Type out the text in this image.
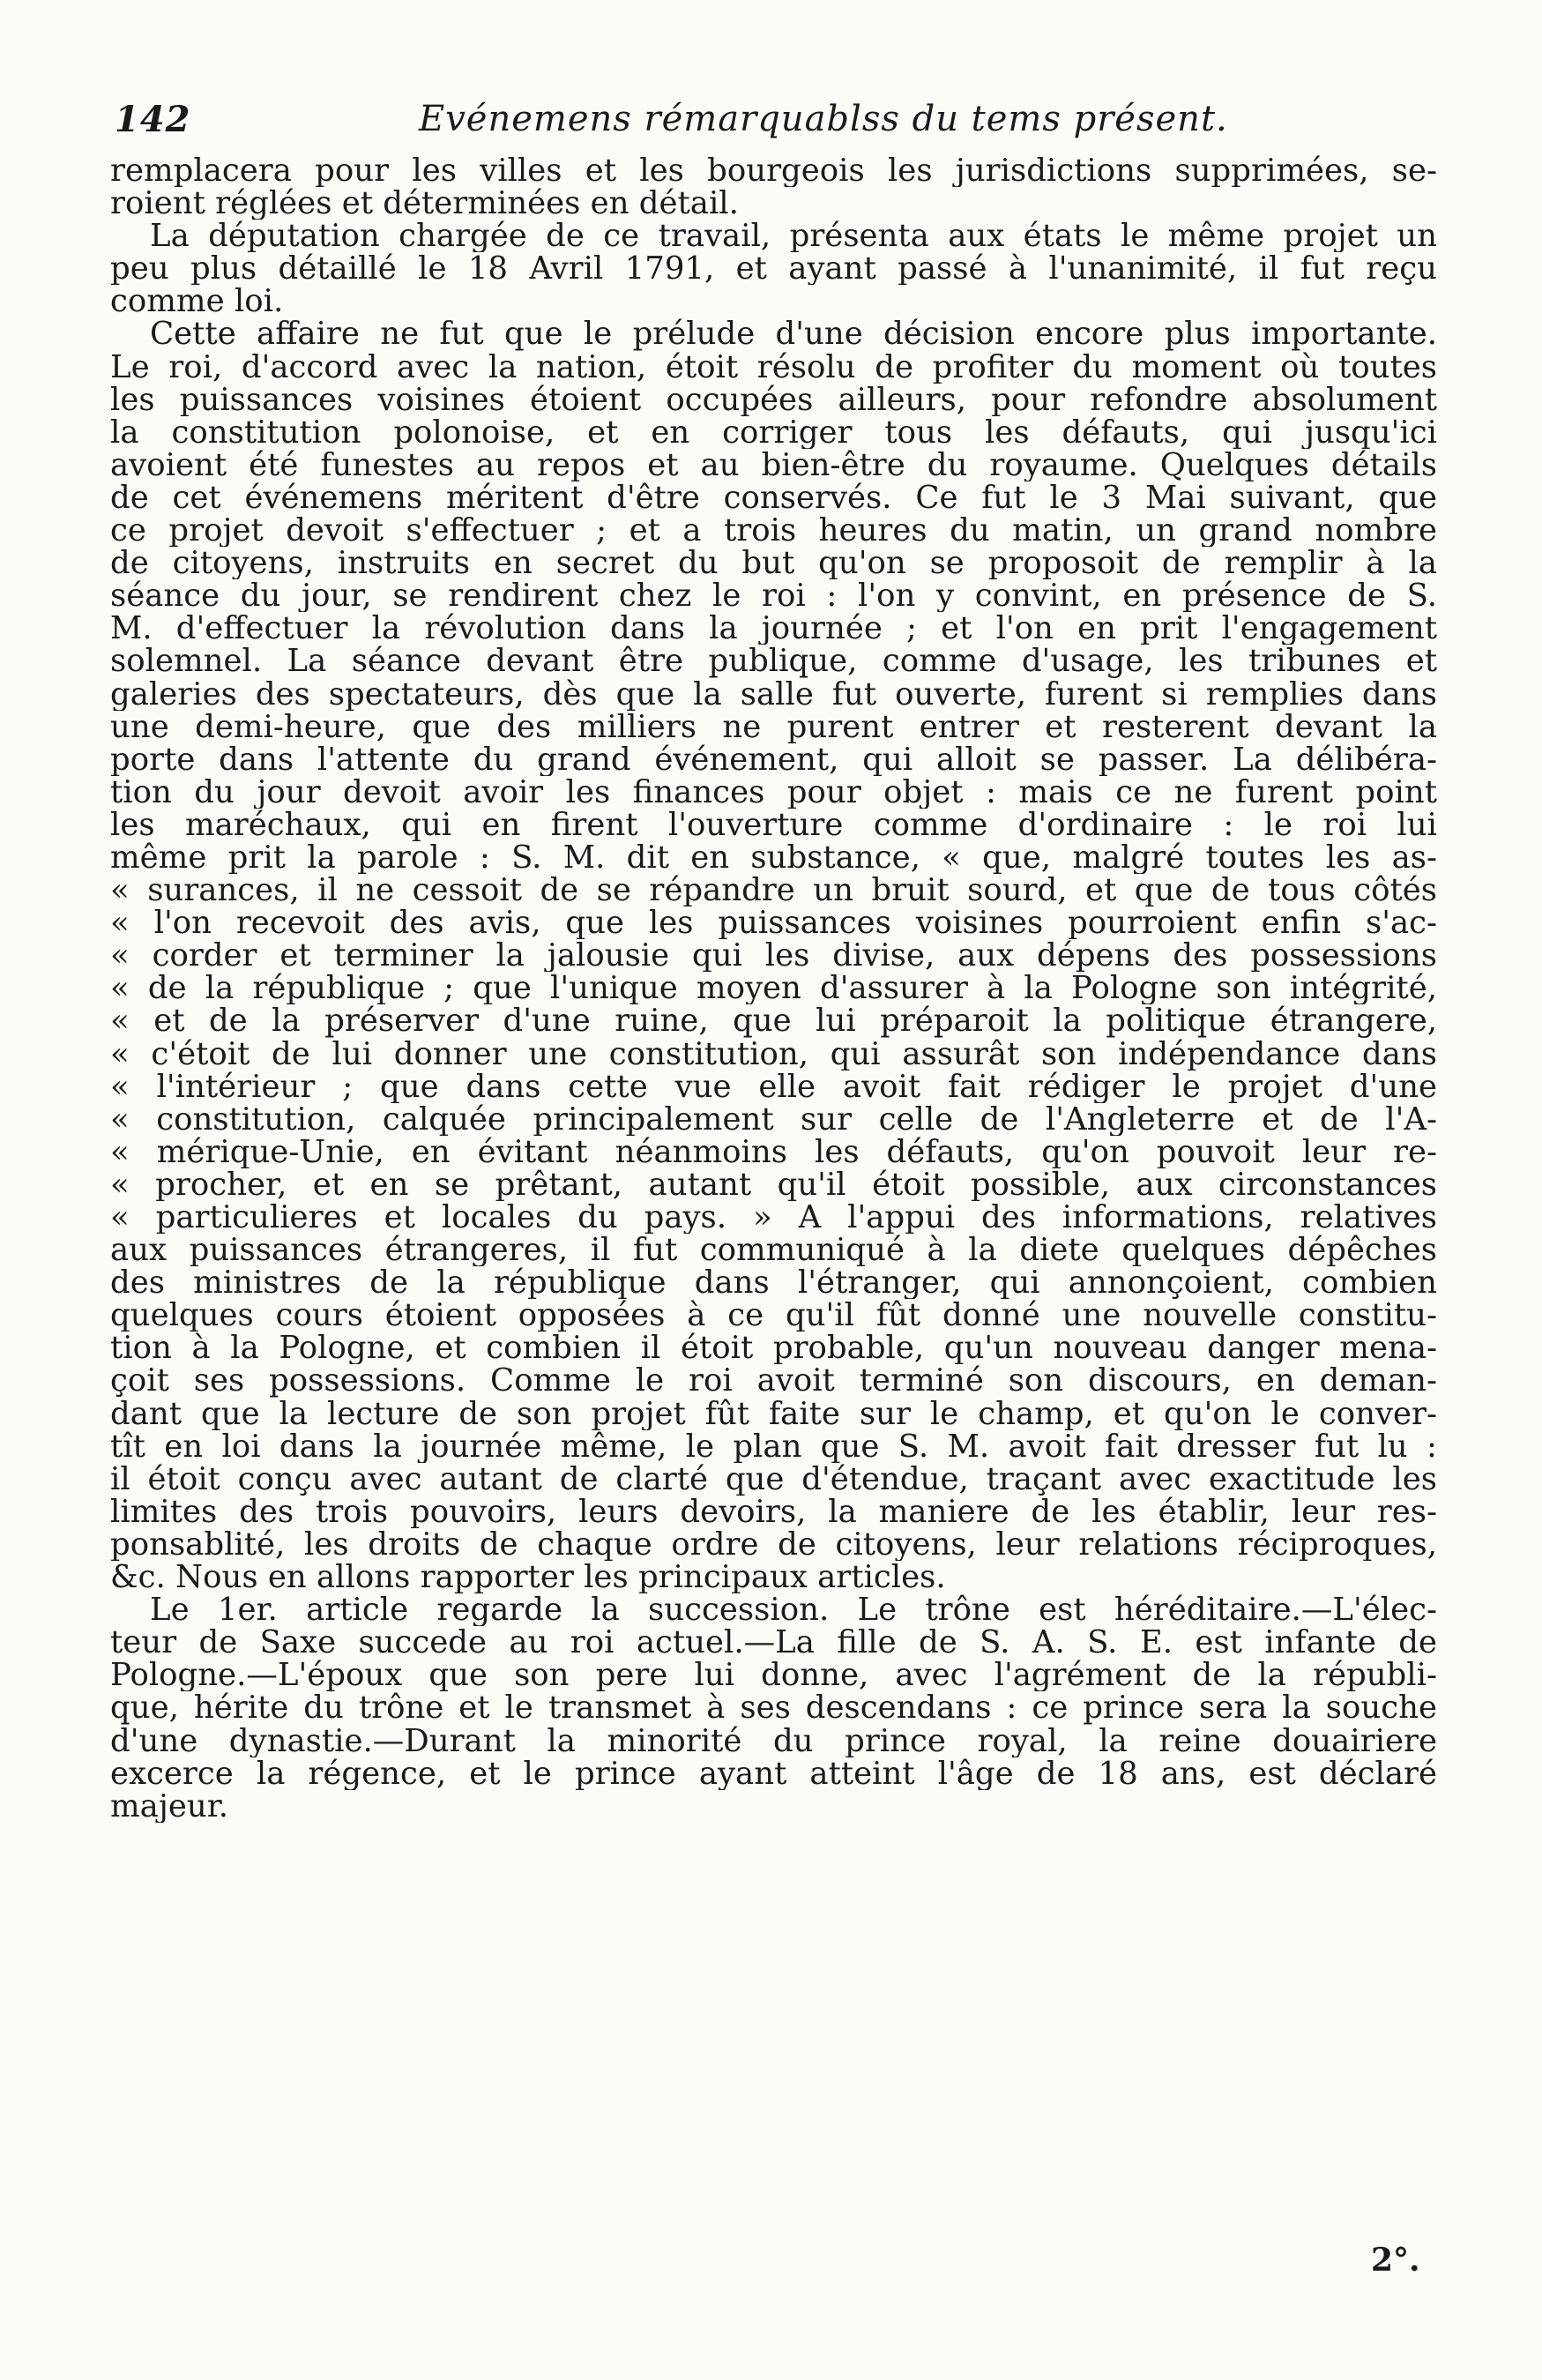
142	Evénemens rémarquablss du tems présent.
remplacera pour les villes et les bourgeois les jurisdictions supprimées, se-
roient réglées et déterminées en détail.
La députation chargée de ce travail, présenta aux états le même projet un
peu plus détaillé le 18 Avril 1791, et ayant passé à l'unanimité, il fut reçu
comme loi.
Cette affaire ne fut que le prélude d'une décision encore plus importante.
Le roi, d'accord avec la nation, étoit résolu de profiter du moment où toutes
les puissances voisines étoient occupées ailleurs, pour refondre absolument
la constitution polonoise, et en corriger tous les défauts, qui jusqu'ici
avoient été funestes au repos et au bien-être du royaume. Quelques détails
de cet événemens méritent d'être conservés. Ce fut le 3 Mai suivant, que
ce projet devoit s'effectuer ; et a trois heures du matin, un grand nombre
de citoyens, instruits en secret du but qu'on se proposoit de remplir à la
séance du jour, se rendirent chez le roi : l'on y convint, en présence de S.
M. d'effectuer la révolution dans la journée ; et l'on en prit l'engagement
solemnel. La séance devant être publique, comme d'usage, les tribunes et
galeries des spectateurs, dès que la salle fut ouverte, furent si remplies dans
une demi-heure, que des milliers ne purent entrer et resterent devant la
porte dans l'attente du grand événement, qui alloit se passer. La délibéra-
tion du jour devoit avoir les finances pour objet : mais ce ne furent point
les maréchaux, qui en firent l'ouverture comme d'ordinaire : le roi lui
même prit la parole : S. M. dit en substance, « que, malgré toutes les as-
« surances, il ne cessoit de se répandre un bruit sourd, et que de tous côtés
« l'on recevoit des avis, que les puissances voisines pourroient enfin s'ac-
« corder et terminer la jalousie qui les divise, aux dépens des possessions
« de la république ; que l'unique moyen d'assurer à la Pologne son intégrité,
« et de la préserver d'une ruine, que lui préparoit la politique étrangere,
« c'étoit de lui donner une constitution, qui assurât son indépendance dans
« l'intérieur ; que dans cette vue elle avoit fait rédiger le projet d'une
« constitution, calquée principalement sur celle de l'Angleterre et de l'A-
« mérique-Unie, en évitant néanmoins les défauts, qu'on pouvoit leur re-
« procher, et en se prêtant, autant qu'il étoit possible, aux circonstances
« particulieres et locales du pays. » A l'appui des informations, relatives
aux puissances étrangeres, il fut communiqué à la diete quelques dépêches
des ministres de la république dans l'étranger, qui annonçoient, combien
quelques cours étoient opposées à ce qu'il fût donné une nouvelle constitu-
tion à la Pologne, et combien il étoit probable, qu'un nouveau danger mena-
çoit ses possessions. Comme le roi avoit terminé son discours, en deman-
dant que la lecture de son projet fût faite sur le champ, et qu'on le conver-
tît en loi dans la journée même, le plan que S. M. avoit fait dresser fut lu :
il étoit conçu avec autant de clarté que d'étendue, traçant avec exactitude les
limites des trois pouvoirs, leurs devoirs, la maniere de les établir, leur res-
ponsablité, les droits de chaque ordre de citoyens, leur relations réciproques,
&c. Nous en allons rapporter les principaux articles.
Le 1er. article regarde la succession. Le trône est héréditaire.—L'élec-
teur de Saxe succede au roi actuel.—La fille de S. A. S. E. est infante de
Pologne.—L'époux que son pere lui donne, avec l'agrément de la républi-
que, hérite du trône et le transmet à ses descendans : ce prince sera la souche
d'une dynastie.—Durant la minorité du prince royal, la reine douairiere
excerce la régence, et le prince ayant atteint l'âge de 18 ans, est déclaré
majeur.
2°.
